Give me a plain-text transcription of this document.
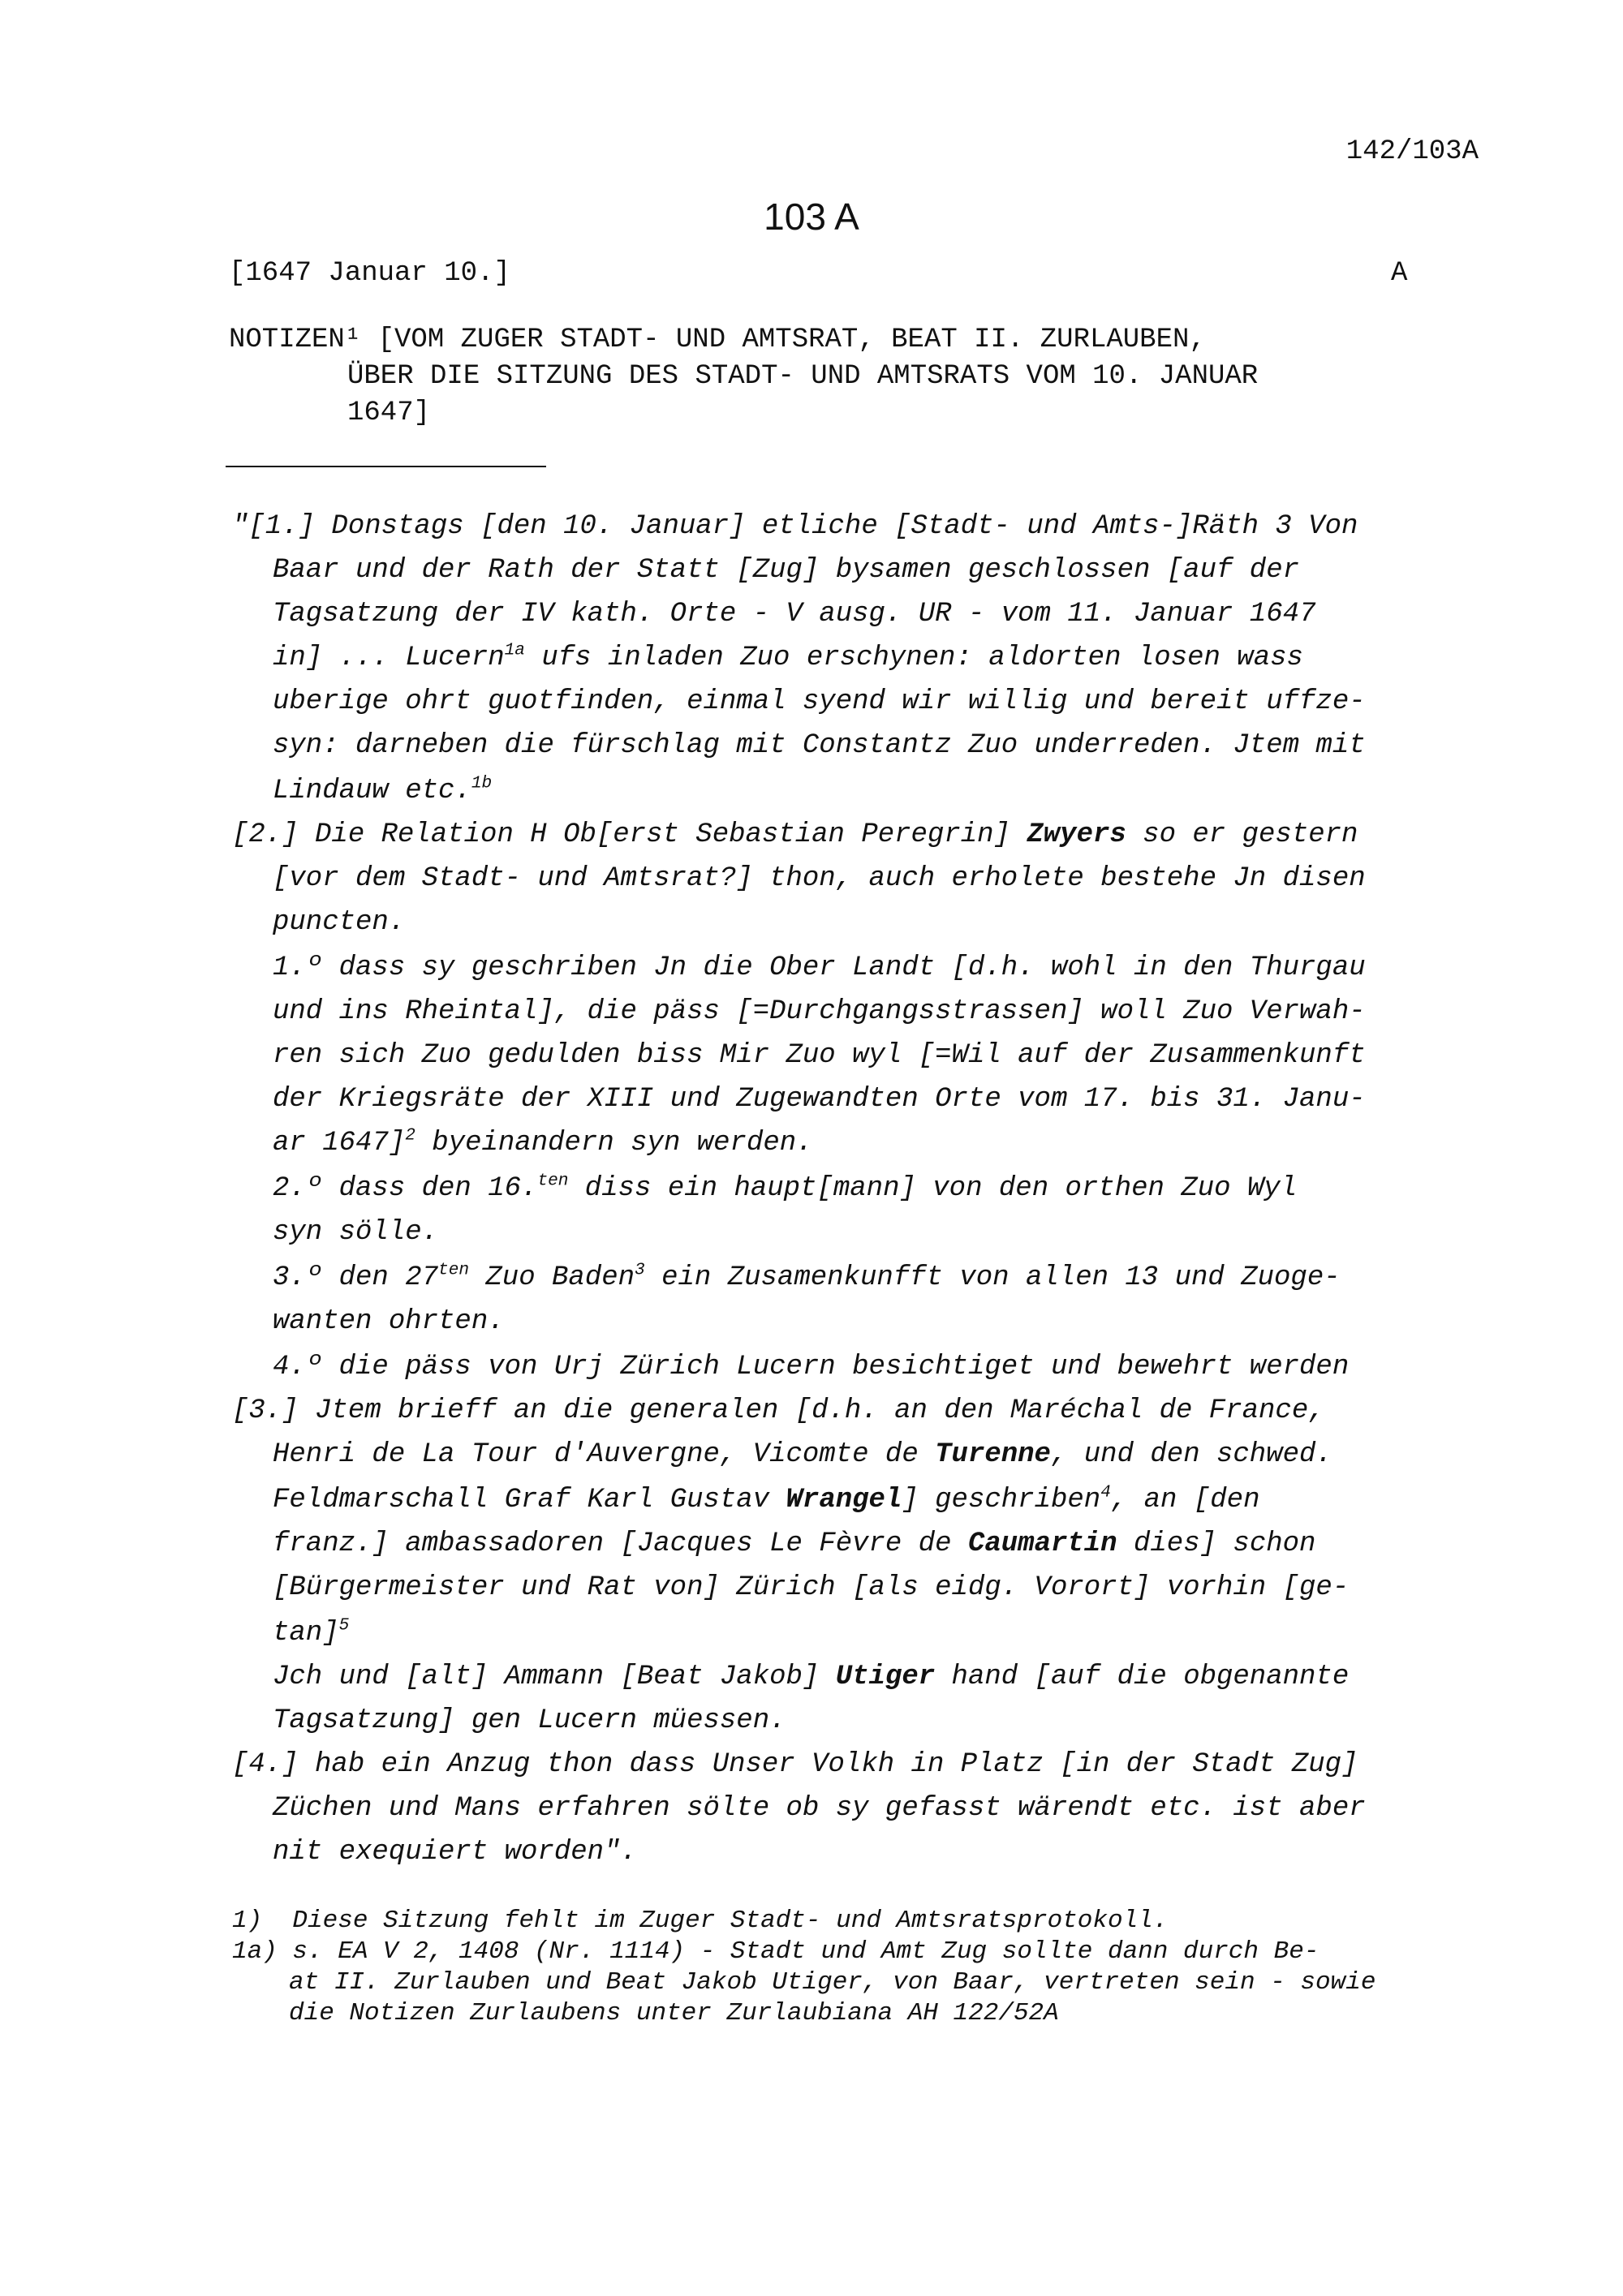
142/103A
103 A
[1647 Januar 10.]	A
NOTIZEN¹ [VOM ZUGER STADT- UND AMTSRAT, BEAT II. ZURLAUBEN,
ÜBER DIE SITZUNG DES STADT- UND AMTSRATS VOM 10. JANUAR
1647]
"[1.] Donstags [den 10. Januar] etliche [Stadt- und Amts-]Räth 3 Von
Baar und der Rath der Statt [Zug] bysamen geschlossen [auf der
Tagsatzung der IV kath. Orte - V ausg. UR - vom 11. Januar 1647
in] ... Lucern$^{1a}$ ufs inladen Zuo erschynen: aldorten losen wass
uberige ohrt guotfinden, einmal syend wir willig und bereit uffze-
syn: darneben die fürschlag mit Constantz Zuo underreden. Jtem mit
Lindauw etc.$^{1b}$
[2.] Die Relation H Ob[erst Sebastian Peregrin] Zwyers so er gestern
[vor dem Stadt- und Amtsrat?] thon, auch erholete bestehe Jn disen
puncten.
1.º dass sy geschriben Jn die Ober Landt [d.h. wohl in den Thurgau
und ins Rheintal], die päss [=Durchgangsstrassen] woll Zuo Verwah-
ren sich Zuo gedulden biss Mir Zuo wyl [=Wil auf der Zusammenkunft
der Kriegsräte der XIII und Zugewandten Orte vom 17. bis 31. Janu-
ar 1647]$^2$ byeinandern syn werden.
2.º dass den 16.$^{ten}$ diss ein haupt[mann] von den orthen Zuo Wyl
syn sölle.
3.º den $27^{ten}$ Zuo Baden$^3$ ein Zusamenkunfft von allen 13 und Zuoge-
wanten ohrten.
4.º die päss von Urj Zürich Lucern besichtiget und bewehrt werden
[3.] Jtem brieff an die generalen [d.h. an den Maréchal de France,
Henri de La Tour d'Auvergne, Vicomte de Turenne, und den schwed.
Feldmarschall Graf Karl Gustav Wrangel] geschriben$^4$, an [den
franz.] ambassadoren [Jacques Le Fèvre de Caumartin dies] schon
[Bürgermeister und Rat von] Zürich [als eidg. Vorort] vorhin [ge-
tan]$^5$
Jch und [alt] Ammann [Beat Jakob] Utiger hand [auf die obgenannte
Tagsatzung] gen Lucern müessen.
[4.] hab ein Anzug thon dass Unser Volkh in Platz [in der Stadt Zug]
Züchen und Mans erfahren sölte ob sy gefasst wärendt etc. ist aber
nit exequiert worden".
1)  Diese Sitzung fehlt im Zuger Stadt- und Amtsratsprotokoll.
1a) s. EA V 2, 1408 (Nr. 1114) - Stadt und Amt Zug sollte dann durch Be-
at II. Zurlauben und Beat Jakob Utiger, von Baar, vertreten sein - sowie
die Notizen Zurlaubens unter Zurlaubiana AH 122/52A
